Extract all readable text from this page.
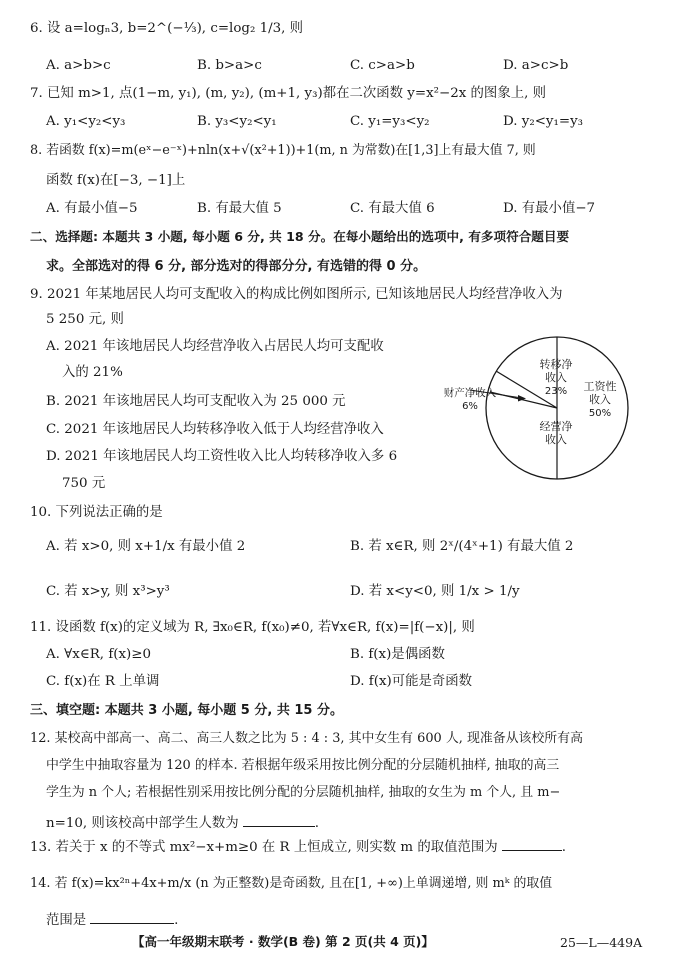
6. 设 a=logₙ3, b=2^(−⅓), c=log₂ 1/3, 则
A. a>b>c	B. b>a>c	C. c>a>b	D. a>c>b
7. 已知 m>1, 点(1−m, y₁), (m, y₂), (m+1, y₃)都在二次函数 y=x²−2x 的图象上, 则
A. y₁<y₂<y₃	B. y₃<y₂<y₁	C. y₁=y₃<y₂	D. y₂<y₁=y₃
8. 若函数 f(x)=m(eˣ−e⁻ˣ)+nln(x+√(x²+1))+1(m, n 为常数)在[1,3]上有最大值 7, 则
函数 f(x)在[−3, −1]上
A. 有最小值−5	B. 有最大值 5	C. 有最大值 6	D. 有最小值−7
二、选择题: 本题共 3 小题, 每小题 6 分, 共 18 分。在每小题给出的选项中, 有多项符合题目要
求。全部选对的得 6 分, 部分选对的得部分分, 有选错的得 0 分。
9. 2021 年某地居民人均可支配收入的构成比例如图所示, 已知该地居民人均经营净收入为
5 250 元, 则
A. 2021 年该地居民人均经营净收入占居民人均可支配收
入的 21%
B. 2021 年该地居民人均可支配收入为 25 000 元
C. 2021 年该地居民人均转移净收入低于人均经营净收入
D. 2021 年该地居民人均工资性收入比人均转移净收入多 6
750 元
工资性
收入
50%
转移净
收入
23%
经营净
收入
财产净收入
6%
10. 下列说法正确的是
A. 若 x>0, 则 x+1/x 有最小值 2	B. 若 x∈R, 则 2ˣ/(4ˣ+1) 有最大值 2
C. 若 x>y, 则 x³>y³	D. 若 x<y<0, 则 1/x > 1/y
11. 设函数 f(x)的定义域为 R, ∃x₀∈R, f(x₀)≠0, 若∀x∈R, f(x)=|f(−x)|, 则
A. ∀x∈R, f(x)≥0	B. f(x)是偶函数
C. f(x)在 R 上单调	D. f(x)可能是奇函数
三、填空题: 本题共 3 小题, 每小题 5 分, 共 15 分。
12. 某校高中部高一、高二、高三人数之比为 5 : 4 : 3, 其中女生有 600 人, 现准备从该校所有高
中学生中抽取容量为 120 的样本. 若根据年级采用按比例分配的分层随机抽样, 抽取的高三
学生为 n 个人; 若根据性别采用按比例分配的分层随机抽样, 抽取的女生为 m 个人, 且 m−
n=10, 则该校高中部学生人数为	.
13. 若关于 x 的不等式 mx²−x+m≥0 在 R 上恒成立, 则实数 m 的取值范围为	.
14. 若 f(x)=kx²ⁿ+4x+m/x (n 为正整数)是奇函数, 且在[1, +∞)上单调递增, 则 mᵏ 的取值
范围是	.
【高一年级期末联考 · 数学(B 卷) 第 2 页(共 4 页)】	25—L—449A
